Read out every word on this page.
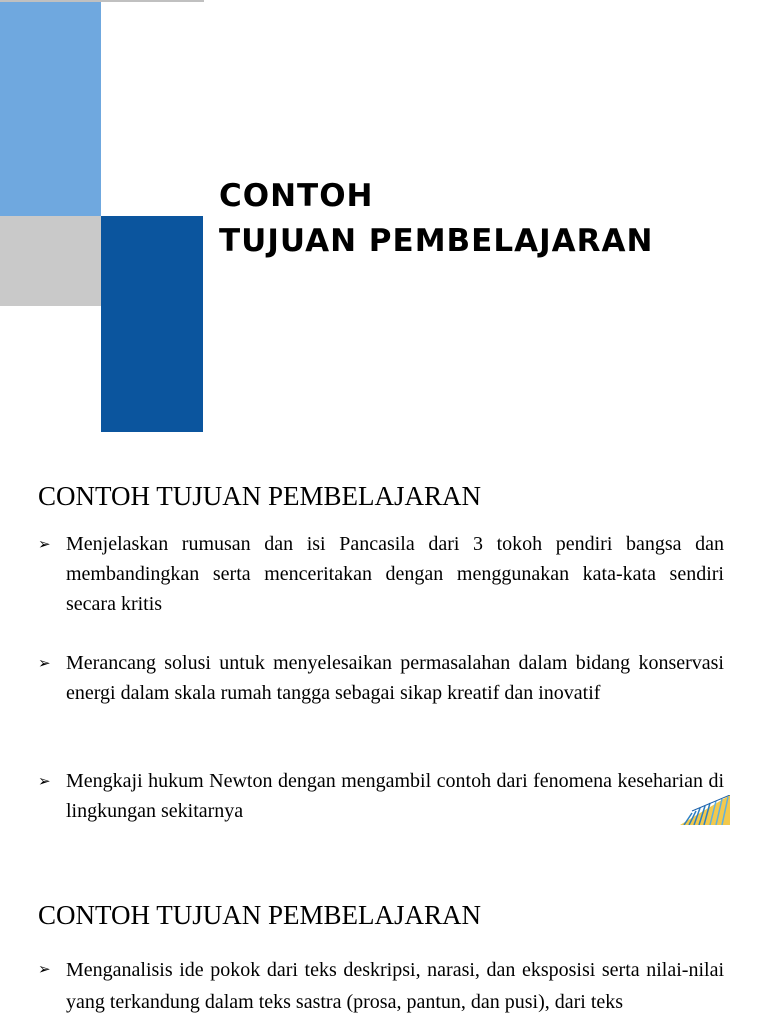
CONTOH
TUJUAN PEMBELAJARAN
CONTOH TUJUAN PEMBELAJARAN
➢ Menjelaskan rumusan dan isi Pancasila dari 3 tokoh pendiri bangsa dan membandingkan serta menceritakan dengan menggunakan kata-kata sendiri secara kritis
➢ Merancang solusi untuk menyelesaikan permasalahan dalam bidang konservasi energi dalam skala rumah tangga sebagai sikap kreatif dan inovatif
➢ Mengkaji hukum Newton dengan mengambil contoh dari fenomena keseharian di lingkungan sekitarnya
CONTOH TUJUAN PEMBELAJARAN
➢ Menganalisis ide pokok dari teks deskripsi, narasi, dan eksposisi serta nilai-nilai yang terkandung dalam teks sastra (prosa, pantun, dan pusi), dari teks
